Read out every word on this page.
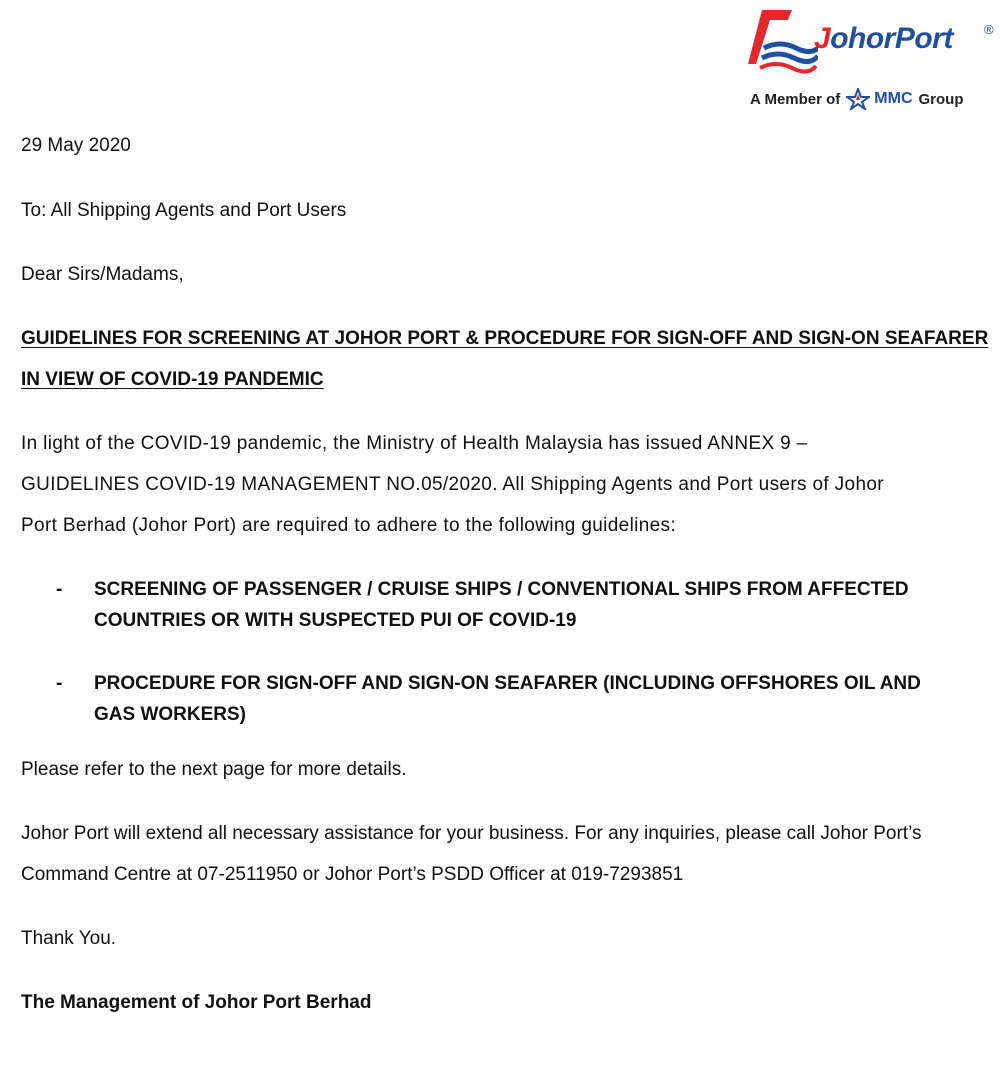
JohorPort ®
A Member of MMC Group
29 May 2020
To: All Shipping Agents and Port Users
Dear Sirs/Madams,
GUIDELINES FOR SCREENING AT JOHOR PORT & PROCEDURE FOR SIGN-OFF AND SIGN-ON SEAFARER
IN VIEW OF COVID-19 PANDEMIC
In light of the COVID-19 pandemic, the Ministry of Health Malaysia has issued ANNEX 9 –
GUIDELINES COVID-19 MANAGEMENT NO.05/2020. All Shipping Agents and Port users of Johor
Port Berhad (Johor Port) are required to adhere to the following guidelines:
- SCREENING OF PASSENGER / CRUISE SHIPS / CONVENTIONAL SHIPS FROM AFFECTED
COUNTRIES OR WITH SUSPECTED PUI OF COVID-19
- PROCEDURE FOR SIGN-OFF AND SIGN-ON SEAFARER (INCLUDING OFFSHORES OIL AND
GAS WORKERS)
Please refer to the next page for more details.
Johor Port will extend all necessary assistance for your business. For any inquiries, please call Johor Port’s
Command Centre at 07-2511950 or Johor Port’s PSDD Officer at 019-7293851
Thank You.
The Management of Johor Port Berhad
